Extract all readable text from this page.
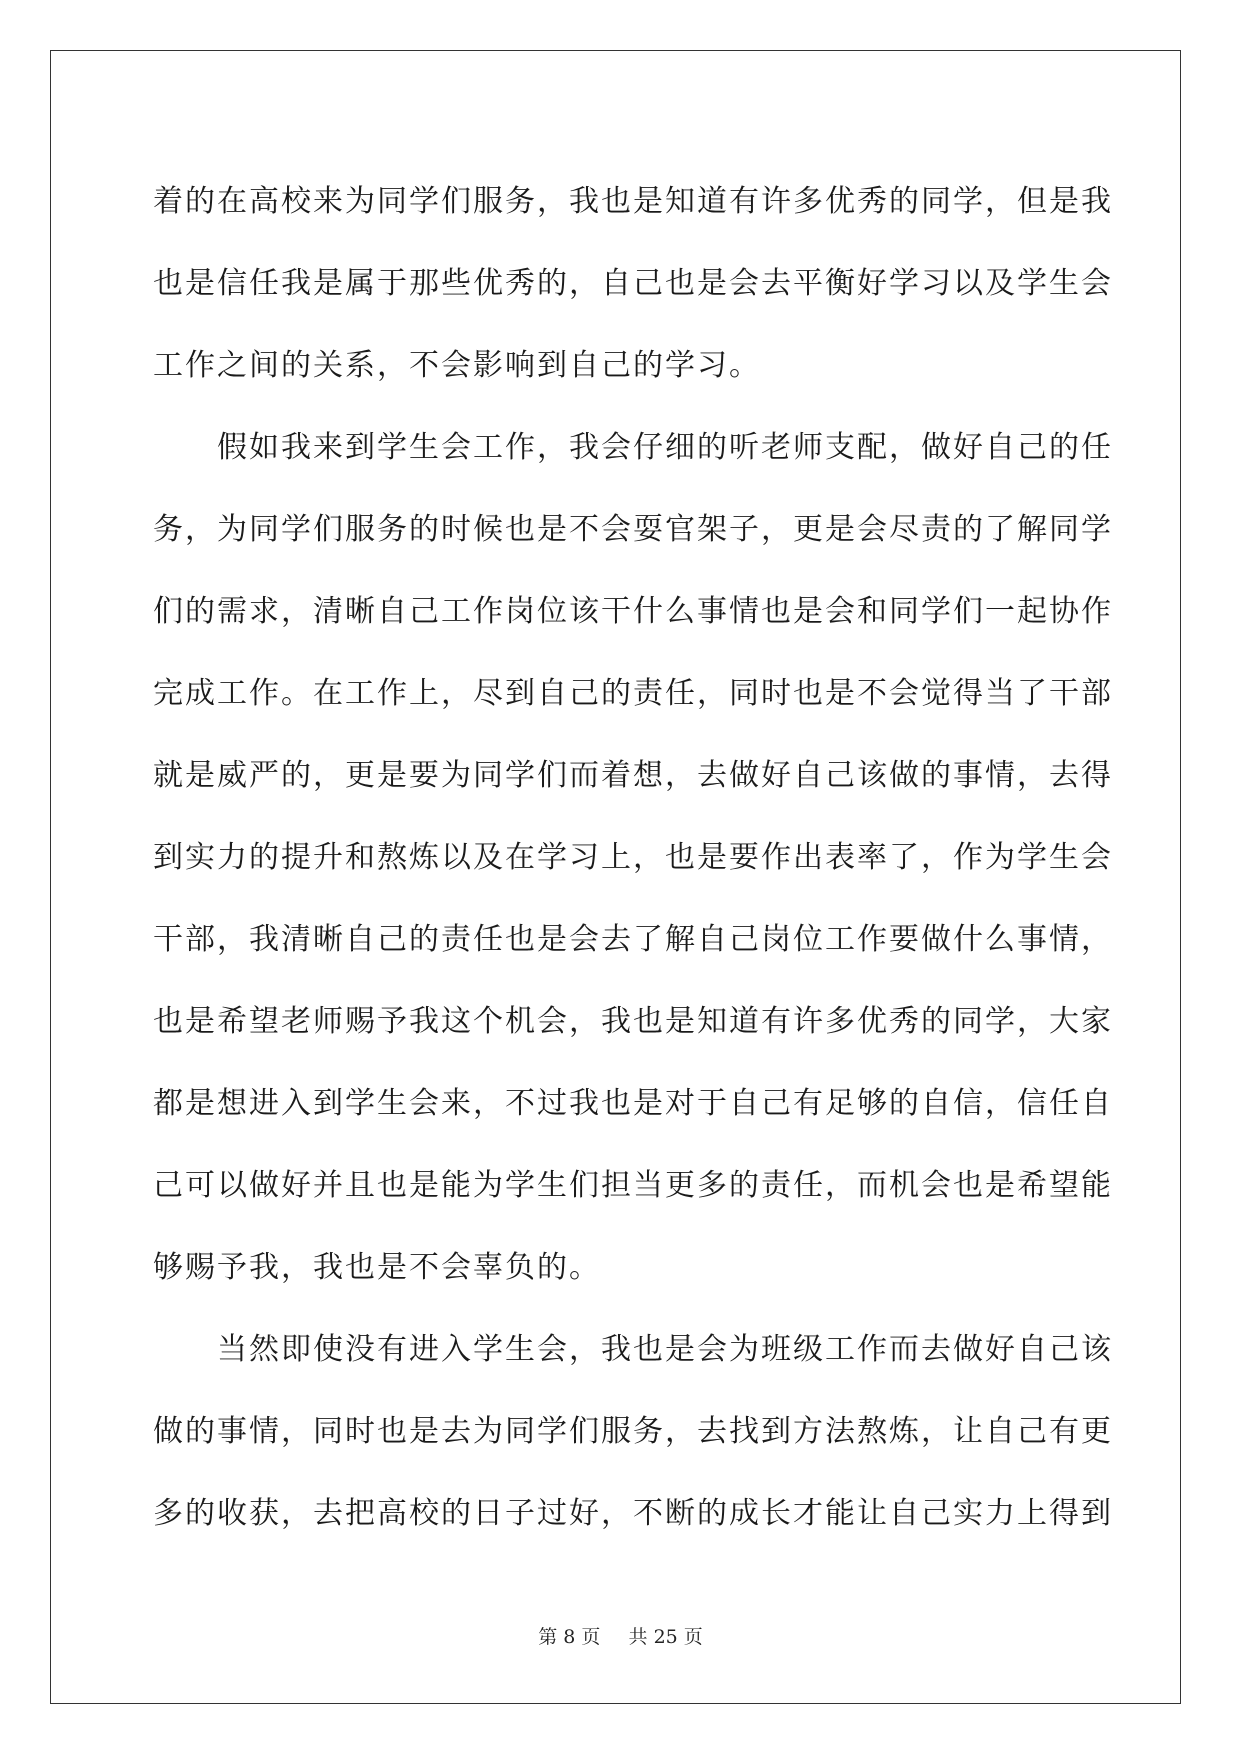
着的在高校来为同学们服务，我也是知道有许多优秀的同学，但是我
也是信任我是属于那些优秀的，自己也是会去平衡好学习以及学生会
工作之间的关系，不会影响到自己的学习。
　　假如我来到学生会工作，我会仔细的听老师支配，做好自己的任
务，为同学们服务的时候也是不会耍官架子，更是会尽责的了解同学
们的需求，清晰自己工作岗位该干什么事情也是会和同学们一起协作
完成工作。在工作上，尽到自己的责任，同时也是不会觉得当了干部
就是威严的，更是要为同学们而着想，去做好自己该做的事情，去得
到实力的提升和熬炼以及在学习上，也是要作出表率了，作为学生会
干部，我清晰自己的责任也是会去了解自己岗位工作要做什么事情，
也是希望老师赐予我这个机会，我也是知道有许多优秀的同学，大家
都是想进入到学生会来，不过我也是对于自己有足够的自信，信任自
己可以做好并且也是能为学生们担当更多的责任，而机会也是希望能
够赐予我，我也是不会辜负的。
　　当然即使没有进入学生会，我也是会为班级工作而去做好自己该
做的事情，同时也是去为同学们服务，去找到方法熬炼，让自己有更
多的收获，去把高校的日子过好，不断的成长才能让自己实力上得到
第 8 页 共 25 页
